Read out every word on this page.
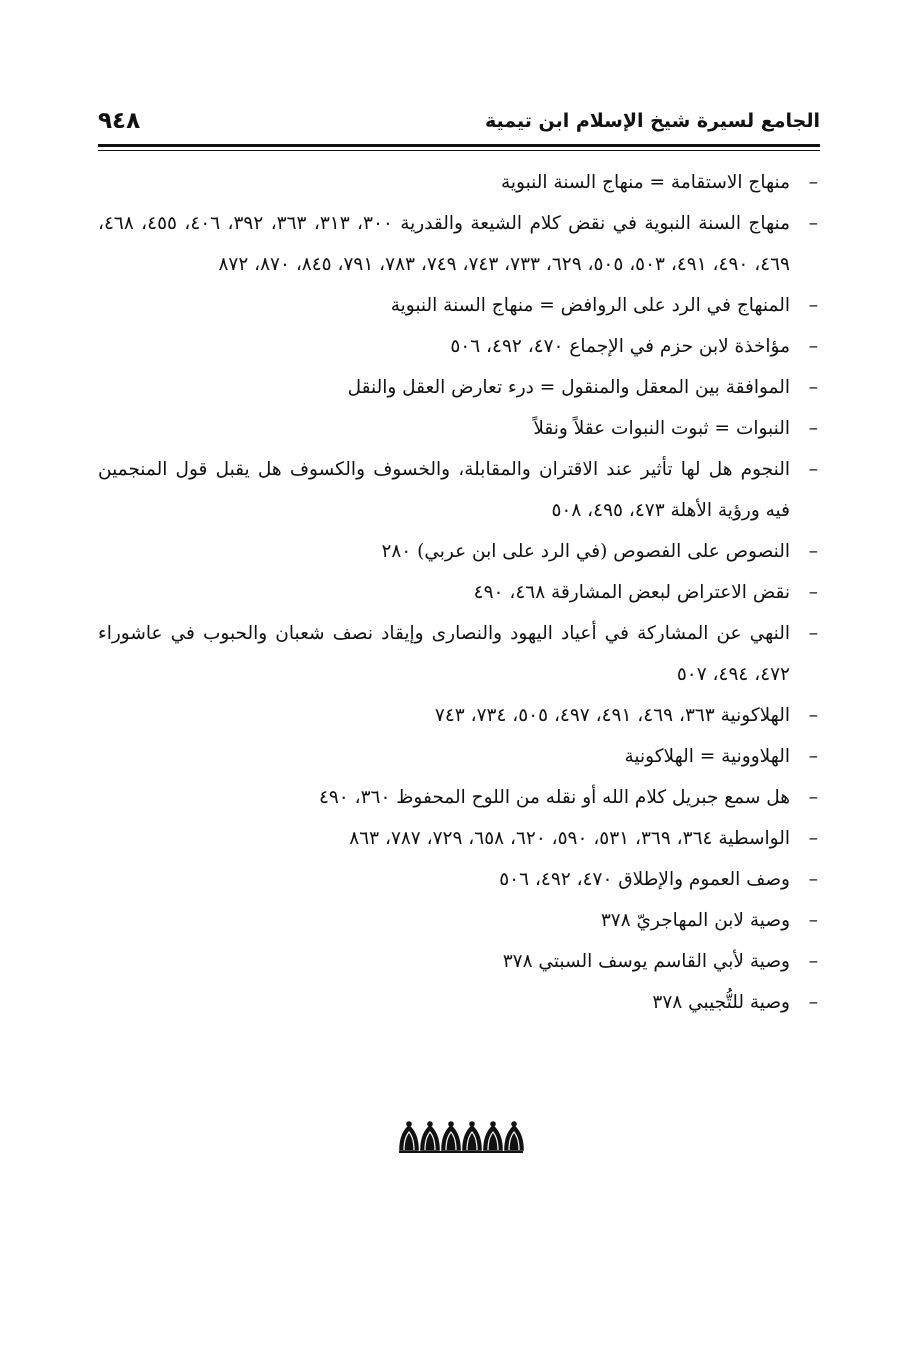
الجامع لسيرة شيخ الإسلام ابن تيمية
٩٤٨
– منهاج الاستقامة = منهاج السنة النبوية
– منهاج السنة النبوية في نقض كلام الشيعة والقدرية ٣٠٠، ٣١٣، ٣٦٣، ٣٩٢، ٤٠٦، ٤٥٥، ٤٦٨، ٤٦٩، ٤٩٠، ٤٩١، ٥٠٣، ٥٠٥، ٦٢٩، ٧٣٣، ٧٤٣، ٧٤٩، ٧٨٣، ٧٩١، ٨٤٥، ٨٧٠، ٨٧٢
– المنهاج في الرد على الروافض = منهاج السنة النبوية
– مؤاخذة لابن حزم في الإجماع ٤٧٠، ٤٩٢، ٥٠٦
– الموافقة بين المعقل والمنقول = درء تعارض العقل والنقل
– النبوات = ثبوت النبوات عقلاً ونقلاً
– النجوم هل لها تأثير عند الاقتران والمقابلة، والخسوف والكسوف هل يقبل قول المنجمين فيه ورؤية الأهلة ٤٧٣، ٤٩٥، ٥٠٨
– النصوص على الفصوص (في الرد على ابن عربي) ٢٨٠
– نقض الاعتراض لبعض المشارقة ٤٦٨، ٤٩٠
– النهي عن المشاركة في أعياد اليهود والنصارى وإيقاد نصف شعبان والحبوب في عاشوراء ٤٧٢، ٤٩٤، ٥٠٧
– الهلاكونية ٣٦٣، ٤٦٩، ٤٩١، ٤٩٧، ٥٠٥، ٧٣٤، ٧٤٣
– الهلاوونية = الهلاكونية
– هل سمع جبريل كلام الله أو نقله من اللوح المحفوظ ٣٦٠، ٤٩٠
– الواسطية ٣٦٤، ٣٦٩، ٥٣١، ٥٩٠، ٦٢٠، ٦٥٨، ٧٢٩، ٧٨٧، ٨٦٣
– وصف العموم والإطلاق ٤٧٠، ٤٩٢، ٥٠٦
– وصية لابن المهاجريّ ٣٧٨
– وصية لأبي القاسم يوسف السبتي ٣٧٨
– وصية للتُّجيبي ٣٧٨
